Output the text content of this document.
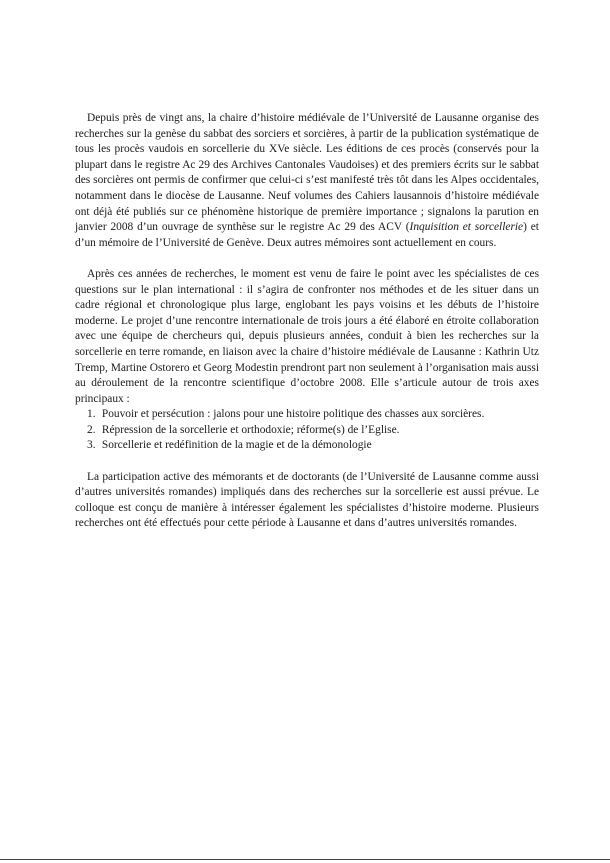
Depuis près de vingt ans, la chaire d’histoire médiévale de l’Université de Lausanne organise des recherches sur la genèse du sabbat des sorciers et sorcières, à partir de la publication systématique de tous les procès vaudois en sorcellerie du XVe siècle. Les éditions de ces procès (conservés pour la plupart dans le registre Ac 29 des Archives Cantonales Vaudoises) et des premiers écrits sur le sabbat des sorcières ont permis de confirmer que celui-ci s’est manifesté très tôt dans les Alpes occidentales, notamment dans le diocèse de Lausanne. Neuf volumes des Cahiers lausannois d’histoire médiévale ont déjà été publiés sur ce phénomène historique de première importance ; signalons la parution en janvier 2008 d’un ouvrage de synthèse sur le registre Ac 29 des ACV (Inquisition et sorcellerie) et d’un mémoire de l’Université de Genève. Deux autres mémoires sont actuellement en cours.

Après ces années de recherches, le moment est venu de faire le point avec les spécialistes de ces questions sur le plan international : il s’agira de confronter nos méthodes et de les situer dans un cadre régional et chronologique plus large, englobant les pays voisins et les débuts de l’histoire moderne. Le projet d’une rencontre internationale de trois jours a été élaboré en étroite collaboration avec une équipe de chercheurs qui, depuis plusieurs années, conduit à bien les recherches sur la sorcellerie en terre romande, en liaison avec la chaire d’histoire médiévale de Lausanne : Kathrin Utz Tremp, Martine Ostorero et Georg Modestin prendront part non seulement à l’organisation mais aussi au déroulement de la rencontre scientifique d’octobre 2008. Elle s’articule autour de trois axes principaux :

1. Pouvoir et persécution : jalons pour une histoire politique des chasses aux sorcières.
2. Répression de la sorcellerie et orthodoxie; réforme(s) de l’Eglise.
3. Sorcellerie et redéfinition de la magie et de la démonologie

La participation active des mémorants et de doctorants (de l’Université de Lausanne comme aussi d’autres universités romandes) impliqués dans des recherches sur la sorcellerie est aussi prévue. Le colloque est conçu de manière à intéresser également les spécialistes d’histoire moderne. Plusieurs recherches ont été effectués pour cette période à Lausanne et dans d’autres universités romandes.
